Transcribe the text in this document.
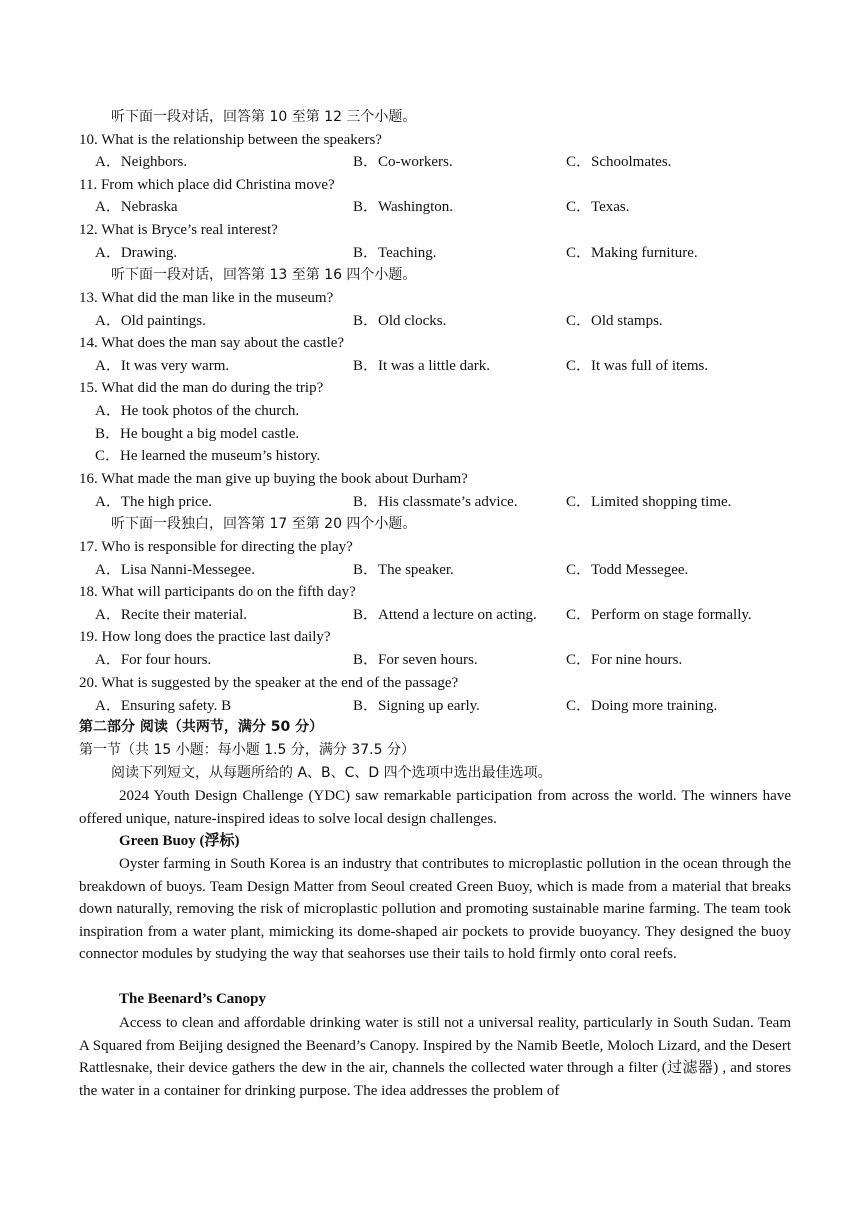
第二部分 阅读（共两节，满分 50 分）
第一节（共 15 小题：每小题 1.5 分，满分 37.5 分）
阅读下列短文，从每题所给的 A、B、C、D 四个选项中选出最佳选项。
2024 Youth Design Challenge (YDC) saw remarkable participation from across the world. The winners have offered unique, nature-inspired ideas to solve local design challenges.
Green Buoy (浮标)
Oyster farming in South Korea is an industry that contributes to microplastic pollution in the ocean through the breakdown of buoys. Team Design Matter from Seoul created Green Buoy, which is made from a material that breaks down naturally, removing the risk of microplastic pollution and promoting sustainable marine farming. The team took inspiration from a water plant, mimicking its dome-shaped air pockets to provide buoyancy. They designed the buoy connector modules by studying the way that seahorses use their tails to hold firmly onto coral reefs.
The Beenard’s Canopy
Access to clean and affordable drinking water is still not a universal reality, particularly in South Sudan. Team A Squared from Beijing designed the Beenard’s Canopy. Inspired by the Namib Beetle, Moloch Lizard, and the Desert Rattlesnake, their device gathers the dew in the air, channels the collected water through a filter (过滤器) , and stores the water in a container for drinking purpose. The idea addresses the problem of
听下面一段对话，回答第 10 至第 12 三个小题。
10. What is the relationship between the speakers?
A．Neighbors.	B．Co-workers.	C．Schoolmates.
11. From which place did Christina move?
A．Nebraska	B．Washington.	C．Texas.
12. What is Bryce’s real interest?
A．Drawing.	B．Teaching.	C．Making furniture.
听下面一段对话，回答第 13 至第 16 四个小题。
13. What did the man like in the museum?
A．Old paintings.	B．Old clocks.	C．Old stamps.
14. What does the man say about the castle?
A．It was very warm.	B．It was a little dark.	C．It was full of items.
15. What did the man do during the trip?
A．He took photos of the church.
B．He bought a big model castle.
C．He learned the museum’s history.
16. What made the man give up buying the book about Durham?
A．The high price.	B．His classmate’s advice.	C．Limited shopping time.
听下面一段独白，回答第 17 至第 20 四个小题。
17. Who is responsible for directing the play?
A．Lisa Nanni-Messegee.	B．The speaker.	C．Todd Messegee.
18. What will participants do on the fifth day?
A．Recite their material.	B．Attend a lecture on acting. C．Perform on stage formally.
19. How long does the practice last daily?
A．For four hours.	B．For seven hours.	C．For nine hours.
20. What is suggested by the speaker at the end of the passage?
A．Ensuring safety. B	B．Signing up early.	C．Doing more training.
